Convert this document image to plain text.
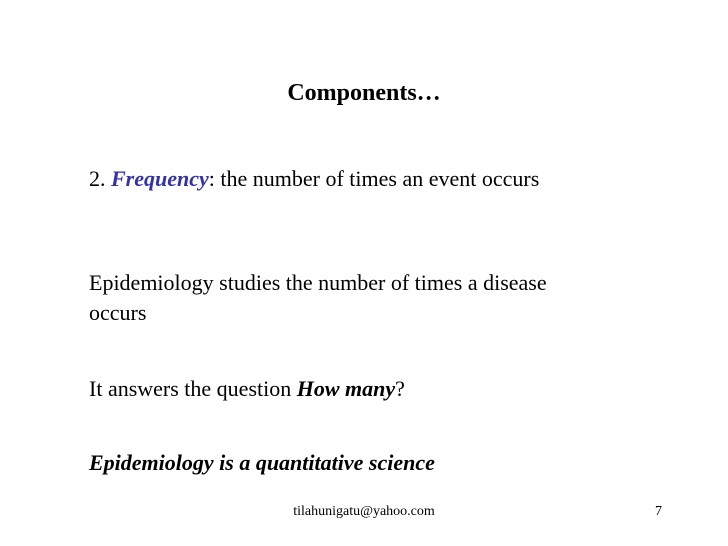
Components…
2. Frequency: the number of times an event occurs
Epidemiology studies the number of times a disease occurs
It answers the question How many?
Epidemiology is a quantitative science
tilahunigatu@yahoo.com	7
